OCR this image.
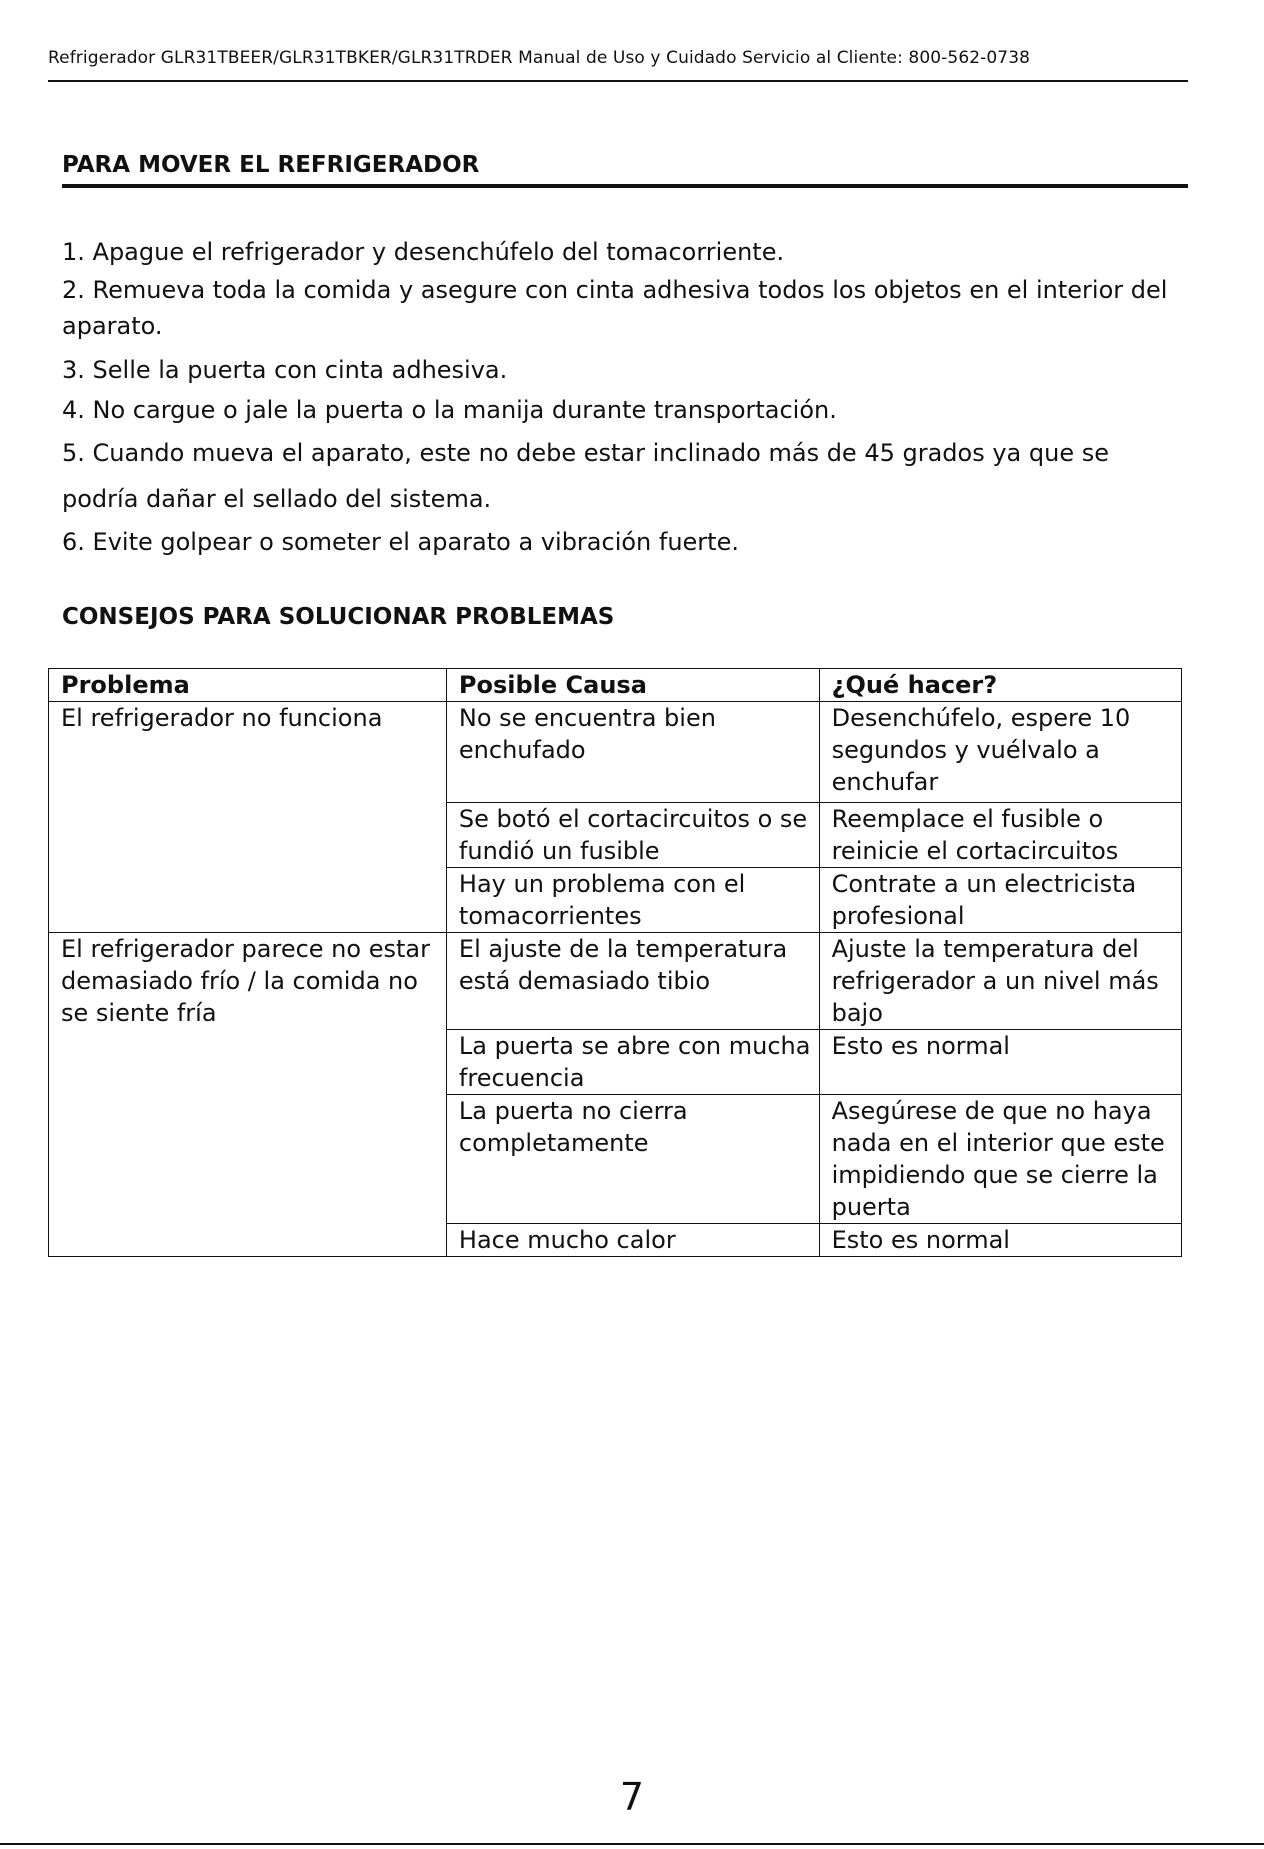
Refrigerador GLR31TBEER/GLR31TBKER/GLR31TRDER Manual de Uso y Cuidado Servicio al Cliente: 800-562-0738
PARA MOVER EL REFRIGERADOR
1. Apague el refrigerador y desenchúfelo del tomacorriente.
2. Remueva toda la comida y asegure con cinta adhesiva todos los objetos en el interior del aparato.
3. Selle la puerta con cinta adhesiva.
4. No cargue o jale la puerta o la manija durante transportación.
5. Cuando mueva el aparato, este no debe estar inclinado más de 45 grados ya que se podría dañar el sellado del sistema.
6. Evite golpear o someter el aparato a vibración fuerte.
CONSEJOS PARA SOLUCIONAR PROBLEMAS
Problema	Posible Causa	¿Qué hacer?
El refrigerador no funciona	No se encuentra bien enchufado	Desenchúfelo, espere 10 segundos y vuélvalo a enchufar
	Se botó el cortacircuitos o se fundió un fusible	Reemplace el fusible o reinicie el cortacircuitos
	Hay un problema con el tomacorrientes	Contrate a un electricista profesional
El refrigerador parece no estar demasiado frío / la comida no se siente fría	El ajuste de la temperatura está demasiado tibio	Ajuste la temperatura del refrigerador a un nivel más bajo
	La puerta se abre con mucha frecuencia	Esto es normal
	La puerta no cierra completamente	Asegúrese de que no haya nada en el interior que este impidiendo que se cierre la puerta
	Hace mucho calor	Esto es normal
7
